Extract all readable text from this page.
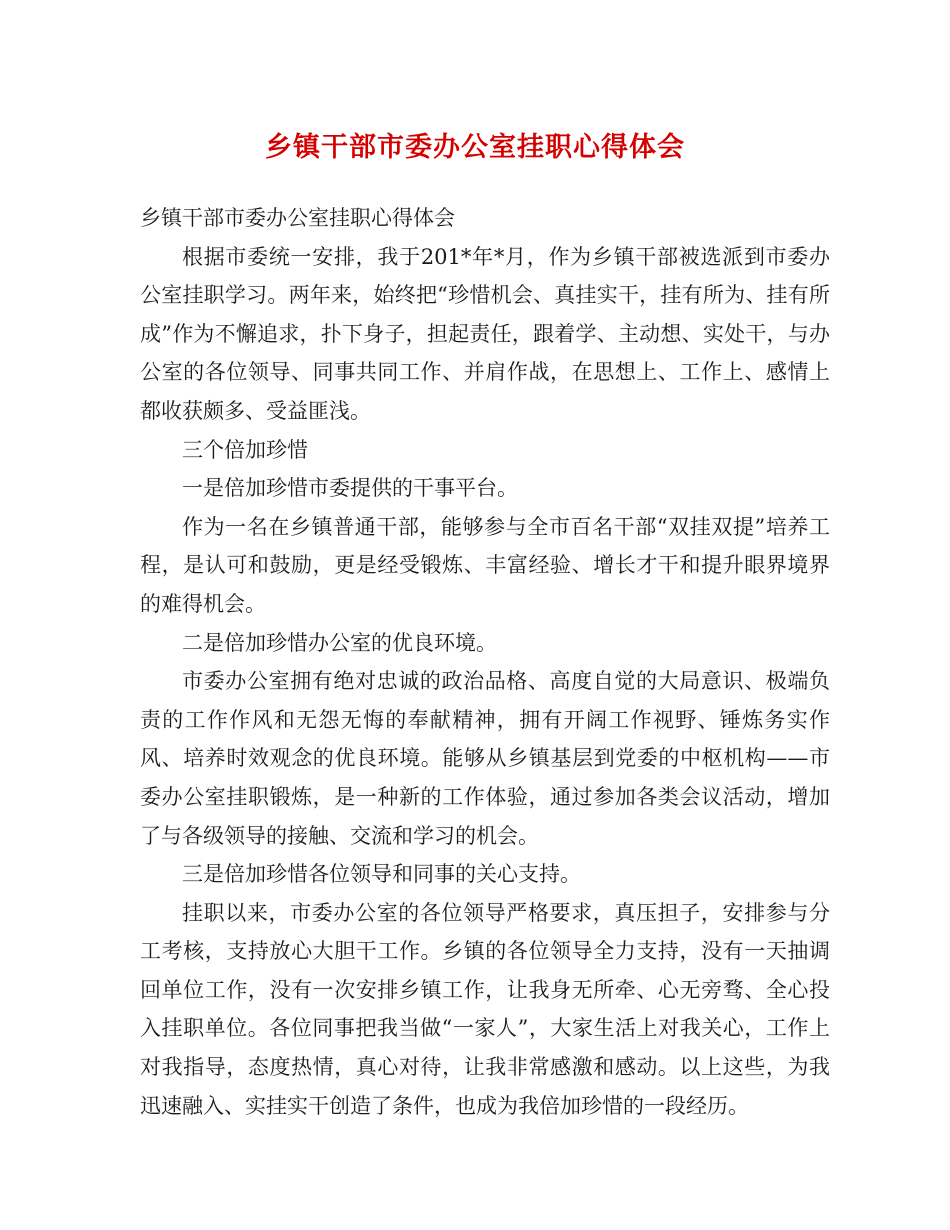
乡镇干部市委办公室挂职心得体会

乡镇干部市委办公室挂职心得体会

根据市委统一安排，我于201*年*月，作为乡镇干部被选派到市委办公室挂职学习。两年来，始终把“珍惜机会、真挂实干，挂有所为、挂有所成”作为不懈追求，扑下身子，担起责任，跟着学、主动想、实处干，与办公室的各位领导、同事共同工作、并肩作战，在思想上、工作上、感情上都收获颇多、受益匪浅。

三个倍加珍惜

一是倍加珍惜市委提供的干事平台。

作为一名在乡镇普通干部，能够参与全市百名干部“双挂双提”培养工程，是认可和鼓励，更是经受锻炼、丰富经验、增长才干和提升眼界境界的难得机会。

二是倍加珍惜办公室的优良环境。

市委办公室拥有绝对忠诚的政治品格、高度自觉的大局意识、极端负责的工作作风和无怨无悔的奉献精神，拥有开阔工作视野、锤炼务实作风、培养时效观念的优良环境。能够从乡镇基层到党委的中枢机构——市委办公室挂职锻炼，是一种新的工作体验，通过参加各类会议活动，增加了与各级领导的接触、交流和学习的机会。

三是倍加珍惜各位领导和同事的关心支持。

挂职以来，市委办公室的各位领导严格要求，真压担子，安排参与分工考核，支持放心大胆干工作。乡镇的各位领导全力支持，没有一天抽调回单位工作，没有一次安排乡镇工作，让我身无所牵、心无旁骛、全心投入挂职单位。各位同事把我当做“一家人”，大家生活上对我关心，工作上对我指导，态度热情，真心对待，让我非常感激和感动。以上这些，为我迅速融入、实挂实干创造了条件，也成为我倍加珍惜的一段经历。
